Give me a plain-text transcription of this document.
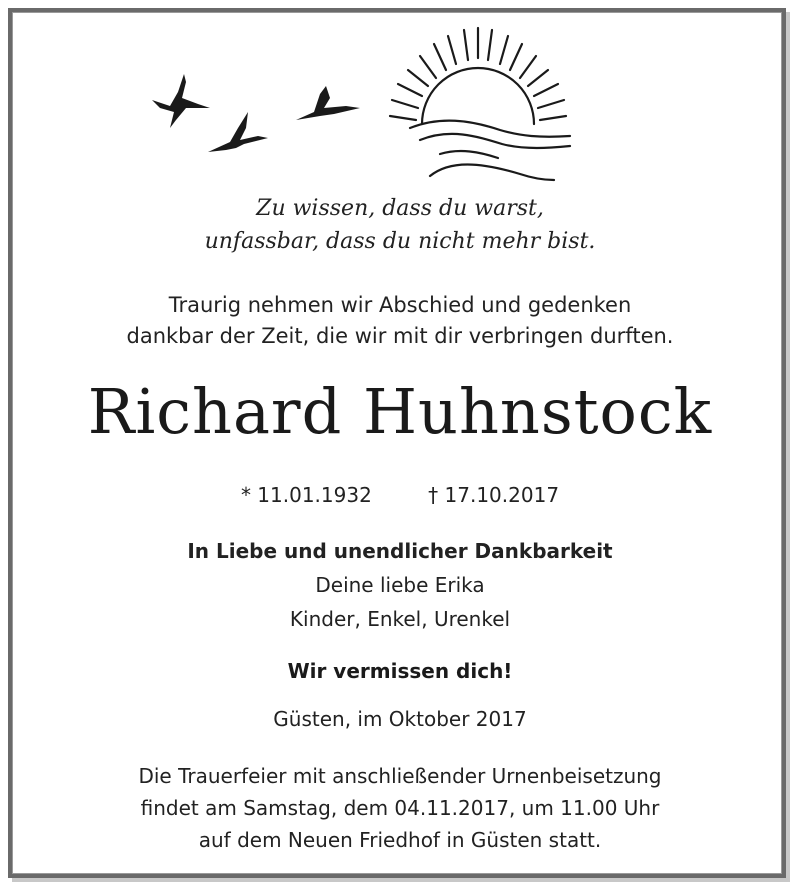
Zu wissen, dass du warst,
unfassbar, dass du nicht mehr bist.
Traurig nehmen wir Abschied und gedenken
dankbar der Zeit, die wir mit dir verbringen durften.
Richard Huhnstock
* 11.01.1932	† 17.10.2017
In Liebe und unendlicher Dankbarkeit
Deine liebe Erika
Kinder, Enkel, Urenkel
Wir vermissen dich!
Güsten, im Oktober 2017
Die Trauerfeier mit anschließender Urnenbeisetzung
findet am Samstag, dem 04.11.2017, um 11.00 Uhr
auf dem Neuen Friedhof in Güsten statt.
